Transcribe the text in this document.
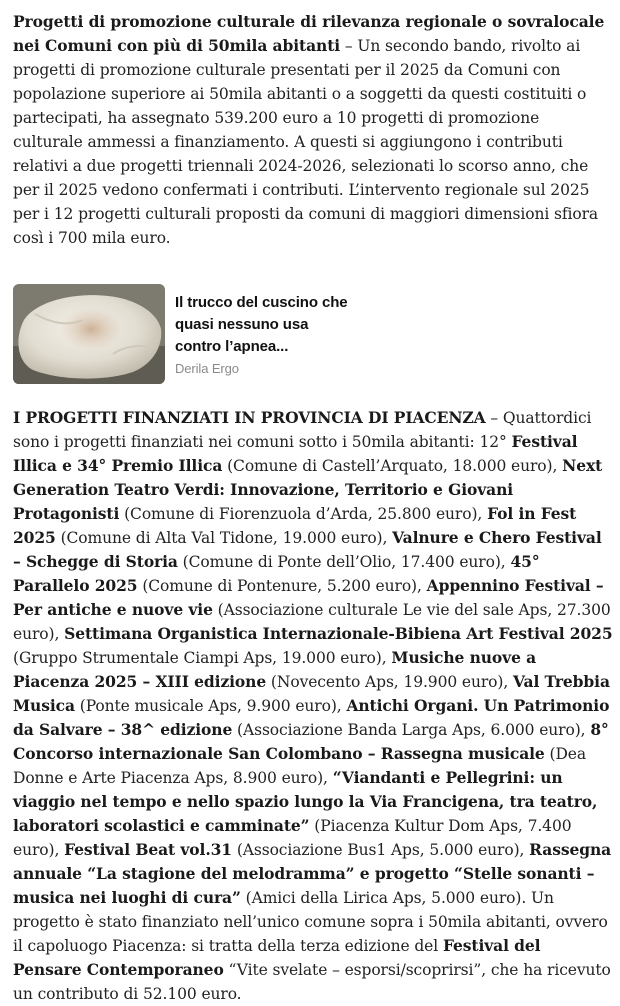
Progetti di promozione culturale di rilevanza regionale o sovralocale nei Comuni con più di 50mila abitanti – Un secondo bando, rivolto ai progetti di promozione culturale presentati per il 2025 da Comuni con popolazione superiore ai 50mila abitanti o a soggetti da questi costituiti o partecipati, ha assegnato 539.200 euro a 10 progetti di promozione culturale ammessi a finanziamento. A questi si aggiungono i contributi relativi a due progetti triennali 2024-2026, selezionati lo scorso anno, che per il 2025 vedono confermati i contributi. L’intervento regionale sul 2025 per i 12 progetti culturali proposti da comuni di maggiori dimensioni sfiora così i 700 mila euro.

Il trucco del cuscino che quasi nessuno usa contro l’apnea...
Derila Ergo

I PROGETTI FINANZIATI IN PROVINCIA DI PIACENZA – Quattordici sono i progetti finanziati nei comuni sotto i 50mila abitanti: 12° Festival Illica e 34° Premio Illica (Comune di Castell’Arquato, 18.000 euro), Next Generation Teatro Verdi: Innovazione, Territorio e Giovani Protagonisti (Comune di Fiorenzuola d’Arda, 25.800 euro), Fol in Fest 2025 (Comune di Alta Val Tidone, 19.000 euro), Valnure e Chero Festival – Schegge di Storia (Comune di Ponte dell’Olio, 17.400 euro), 45° Parallelo 2025 (Comune di Pontenure, 5.200 euro), Appennino Festival – Per antiche e nuove vie (Associazione culturale Le vie del sale Aps, 27.300 euro), Settimana Organistica Internazionale-Bibiena Art Festival 2025 (Gruppo Strumentale Ciampi Aps, 19.000 euro), Musiche nuove a Piacenza 2025 – XIII edizione (Novecento Aps, 19.900 euro), Val Trebbia Musica (Ponte musicale Aps, 9.900 euro), Antichi Organi. Un Patrimonio da Salvare – 38^ edizione (Associazione Banda Larga Aps, 6.000 euro), 8° Concorso internazionale San Colombano – Rassegna musicale (Dea Donne e Arte Piacenza Aps, 8.900 euro), “Viandanti e Pellegrini: un viaggio nel tempo e nello spazio lungo la Via Francigena, tra teatro, laboratori scolastici e camminate” (Piacenza Kultur Dom Aps, 7.400 euro), Festival Beat vol.31 (Associazione Bus1 Aps, 5.000 euro), Rassegna annuale “La stagione del melodramma” e progetto “Stelle sonanti – musica nei luoghi di cura” (Amici della Lirica Aps, 5.000 euro). Un progetto è stato finanziato nell’unico comune sopra i 50mila abitanti, ovvero il capoluogo Piacenza: si tratta della terza edizione del Festival del Pensare Contemporaneo “Vite svelate – esporsi/scoprirsi”, che ha ricevuto un contributo di 52.100 euro.
